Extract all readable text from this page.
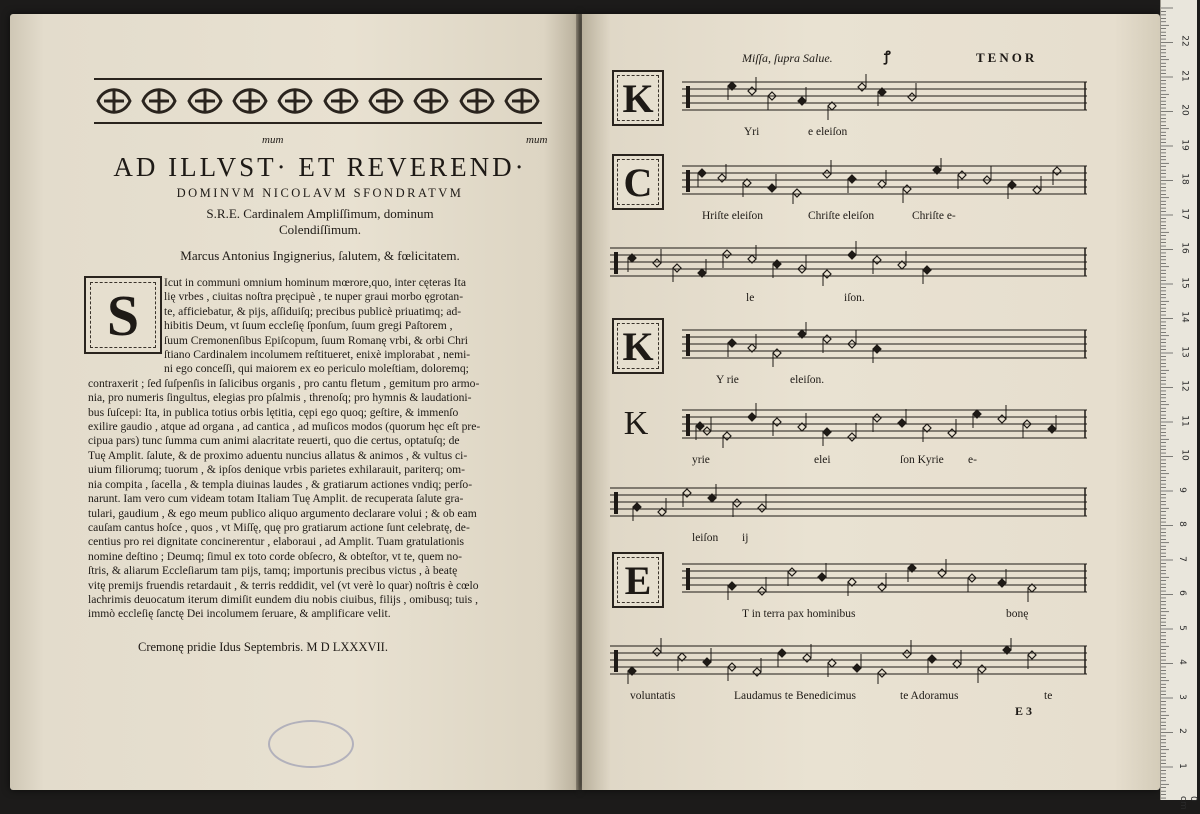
mum	mum
AD ILLVST· ET REVEREND·
DOMINVM NICOLAVM SFONDRATVM
S.R.E. Cardinalem Ampliſſimum, dominum
Colendiſſimum.
Marcus Antonius Ingignerius, ſalutem, & fœlicitatem.
Icut in communi omnium hominum mœrore,quo, inter cęteras Ita
lię vrbes , ciuitas noſtra pręcipuè , te nuper graui morbo ęgrotan-
te, afficiebatur, & pijs, aſſiduiſq; precibus publicè priuatimq; ad-
hibitis Deum, vt ſuum eccleſię ſponſum, ſuum gregi Paſtorem ,
ſuum Cremonenſibus Epiſcopum, ſuum Romanę vrbi, & orbi Chri
ſtiano Cardinalem incolumem reſtitueret, enixè implorabat , nemi-
ni ego conceſſi, qui maiorem ex eo periculo moleſtiam, doloremq;
contraxerit ; ſed ſuſpenſis in ſalicibus organis , pro cantu fletum , gemitum pro armo-
nia, pro numeris ſingultus, elegias pro pſalmis , threnoſq; pro hymnis & laudationi-
bus ſuſcepi: Ita, in publica totius orbis lętitia, cępi ego quoq; geſtire, & immenſo
exilire gaudio , atque ad organa , ad cantica , ad muſicos modos (quorum hęc eſt pre-
cipua pars) tunc ſumma cum animi alacritate reuerti, quo die certus, optatuſq; de
Tuę Amplit. ſalute, & de proximo aduentu nuncius allatus & animos , & vultus ci-
uium filiorumq; tuorum , & ipſos denique vrbis parietes exhilarauit, pariterq; om-
nia compita , ſacella , & templa diuinas laudes , & gratiarum actiones vndiq; perſo-
narunt. Iam vero cum videam totam Italiam Tuę Amplit. de recuperata ſalute gra-
tulari, gaudium , & ego meum publico aliquo argumento declarare volui ; & ob eam
cauſam cantus hoſce , quos , vt Miſſę, quę pro gratiarum actione ſunt celebratę, de-
centius pro rei dignitate concinerentur , elaboraui , ad Amplit. Tuam gratulationis
nomine deſtino ; Deumq; ſimul ex toto corde obſecro, & obteſtor, vt te, quem no-
ſtris, & aliarum Eccleſiarum tam pijs, tamq; importunis precibus victus , à beatę
vitę premijs fruendis retardauit , & terris reddidit, vel (vt verè lo quar) noſtris è cœlo
lachrimis deuocatum iterum dimiſit eundem diu nobis ciuibus, filijs , omibusq; tuis ,
immò eccleſię ſanctę Dei incolumem ſeruare, & amplificare velit.
S
Cremonę pridie Idus Septembris. M D LXXXVII.
Miſſa, ſupra Salue.	ꝭ	TENOR
K
Yri	e eleiſon
C
Hriſte eleiſon	Chriſte eleiſon	Chriſte e-
le	iſon.
K
Y rie	eleiſon.
K
yrie	elei	ſon Kyrie e-
leiſon ij
E
T in terra pax hominibus	bonę
voluntatis	Laudamus te Benedicimus	te Adoramus	te
E 3
22
21
20
19
18
17
16
15
14
13
12
11
10
9
8
7
6
5
4
3
2
1
0 cm
